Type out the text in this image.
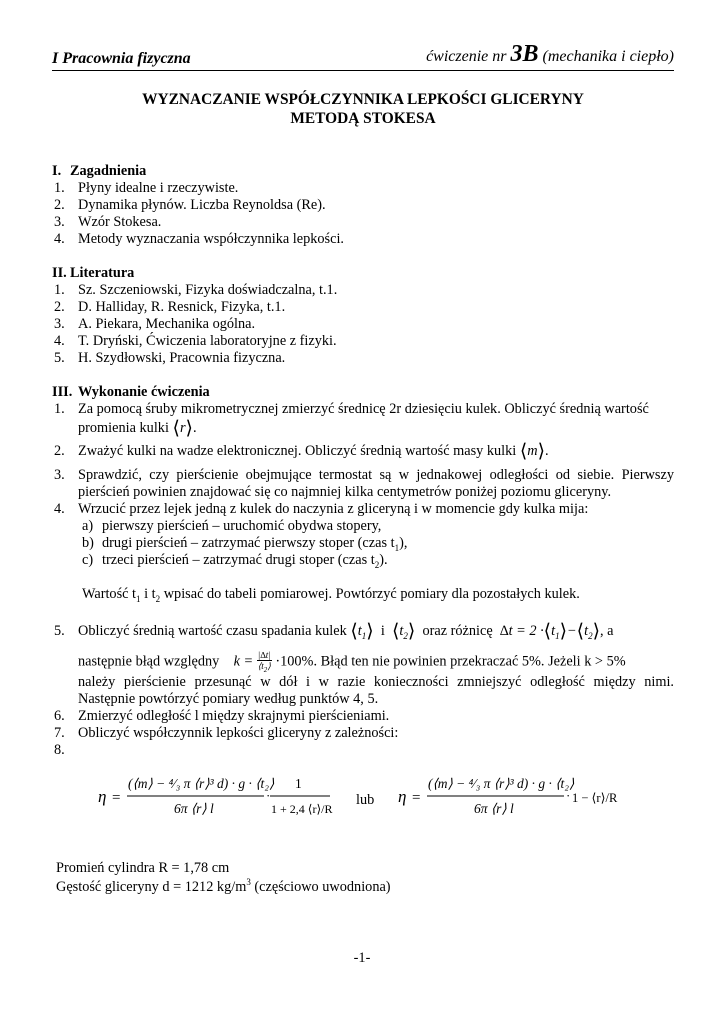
I Pracownia fizyczna	ćwiczenie nr 3B (mechanika i ciepło)
WYZNACZANIE WSPÓŁCZYNNIKA LEPKOŚCI GLICERYNY
METODĄ STOKESA
I. Zagadnienia
1. Płyny idealne i rzeczywiste.
2. Dynamika płynów. Liczba Reynoldsa (Re).
3. Wzór Stokesa.
4. Metody wyznaczania współczynnika lepkości.
II. Literatura
1. Sz. Szczeniowski, Fizyka doświadczalna, t.1.
2. D. Halliday, R. Resnick, Fizyka, t.1.
3. A. Piekara, Mechanika ogólna.
4. T. Dryński, Ćwiczenia laboratoryjne z fizyki.
5. H. Szydłowski, Pracownia fizyczna.
III. Wykonanie ćwiczenia
1. Za pomocą śruby mikrometrycznej zmierzyć średnicę 2r dziesięciu kulek. Obliczyć średnią wartość
promienia kulki ⟨r⟩.
2. Zważyć kulki na wadze elektronicznej. Obliczyć średnią wartość masy kulki ⟨m⟩.
3. Sprawdzić, czy pierścienie obejmujące termostat są w jednakowej odległości od siebie. Pierwszy pierścień powinien znajdować się co najmniej kilka centymetrów poniżej poziomu gliceryny.
4. Wrzucić przez lejek jedną z kulek do naczynia z gliceryną i w momencie gdy kulka mija:
a) pierwszy pierścień – uruchomić obydwa stopery,
b) drugi pierścień – zatrzymać pierwszy stoper (czas $t_1$),
c) trzeci pierścień – zatrzymać drugi stoper (czas $t_2$).
Wartość $t_1$ i $t_2$ wpisać do tabeli pomiarowej. Powtórzyć pomiary dla pozostałych kulek.
5. Obliczyć średnią wartość czasu spadania kulek $⟨t_1⟩$ i $⟨t_2⟩$ oraz różnicę $\Delta t = 2 \cdot⟨t_1⟩-⟨t_2⟩$, a
następnie błąd względny $k = \frac{|\Delta t|}{⟨t_2⟩} \cdot 100\%$. Błąd ten nie powinien przekraczać 5%. Jeżeli k > 5%
należy pierścienie przesunąć w dół i w razie konieczności zmniejszyć odległość między nimi. Następnie powtórzyć pomiary według punktów 4, 5.
6. Zmierzyć odległość l między skrajnymi pierścieniami.
7. Obliczyć współczynnik lepkości gliceryny z zależności:
8.
η =
(⟨m⟩ − ⁴⁄₃ π ⟨r⟩³ d) · g · ⟨t₂⟩
6π ⟨r⟩ l
·
1
1 + 2,4 ⟨r⟩/R
lub η =
(⟨m⟩ − ⁴⁄₃ π ⟨r⟩³ d) · g · ⟨t₂⟩
6π ⟨r⟩ l
· 1 − ⟨r⟩/R
Promień cylindra R = 1,78 cm
Gęstość gliceryny d = 1212 $kg/m^3$ (częściowo uwodniona)
-1-
